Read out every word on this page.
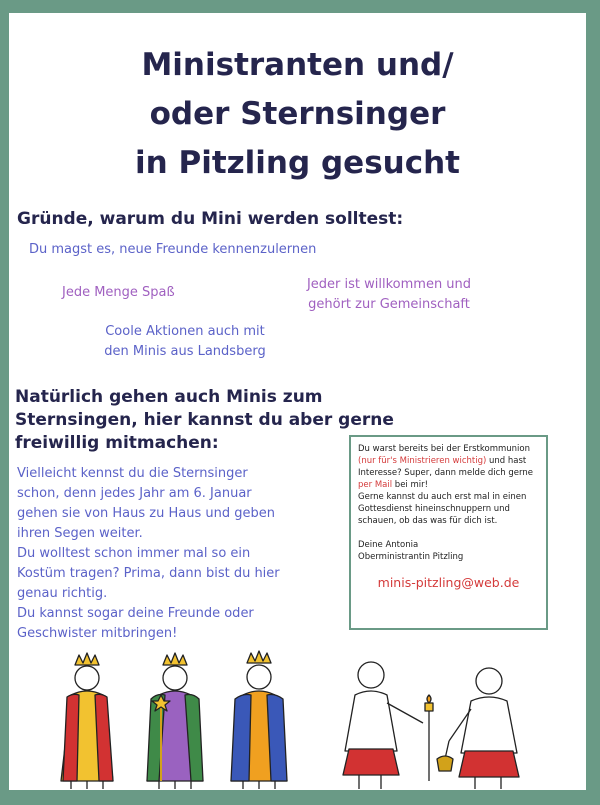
Ministranten und/
oder Sternsinger
in Pitzling gesucht
Gründe, warum du Mini werden solltest:

Du magst es, neue Freunde kennenzulernen

Jede Menge Spaß

Jeder ist willkommen und
gehört zur Gemeinschaft

Coole Aktionen auch mit
den Minis aus Landsberg

Natürlich gehen auch Minis zum
Sternsingen, hier kannst du aber gerne
freiwillig mitmachen:
Vielleicht kennst du die Sternsinger
schon, denn jedes Jahr am 6. Januar
gehen sie von Haus zu Haus und geben
ihren Segen weiter.
Du wolltest schon immer mal so ein
Kostüm tragen? Prima, dann bist du hier
genau richtig.
Du kannst sogar deine Freunde oder
Geschwister mitbringen!

Du warst bereits bei der Erstkommunion (nur für's Ministrieren wichtig) und hast Interesse? Super, dann melde dich gerne per Mail bei mir!

Gerne kannst du auch erst mal in einen Gottesdienst hineinschnuppern und schauen, ob das was für dich ist.

Deine Antonia

Oberministrantin Pitzling

minis-pitzling@web.de
